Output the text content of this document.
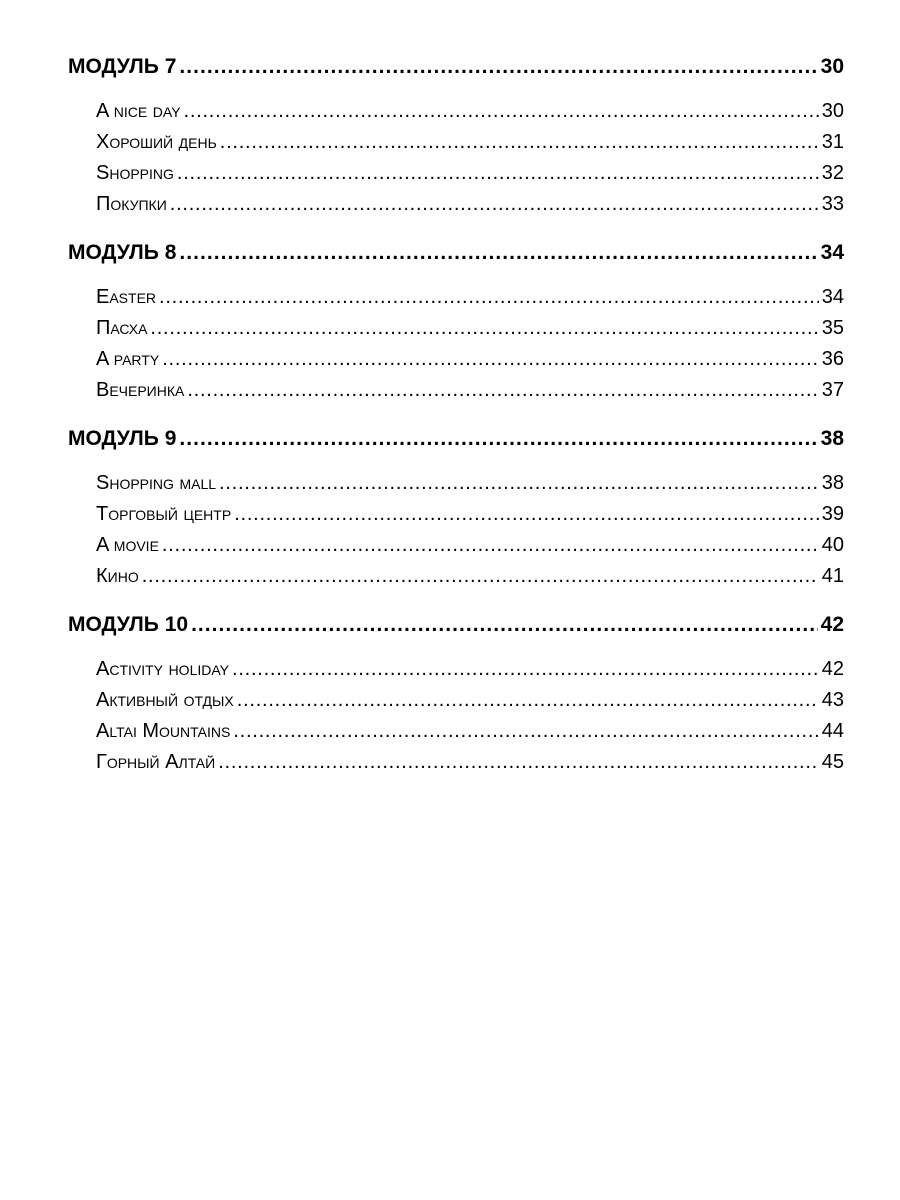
МОДУЛЬ 7 . . .	30
A nice day . . .	30
Хороший день . . .	31
Shopping . . .	32
Покупки . . .	33
МОДУЛЬ 8 . . .	34
Easter . . .	34
Пасха . . .	35
A party . . .	36
Вечеринка . . .	37
МОДУЛЬ 9 . . .	38
Shopping mall . . .	38
Торговый центр . . .	39
A movie . . .	40
Кино . . .	41
МОДУЛЬ 10 . . .	42
Activity holiday . . .	42
Активный отдых . . .	43
Altai Mountains . . .	44
Горный Алтай . . .	45
